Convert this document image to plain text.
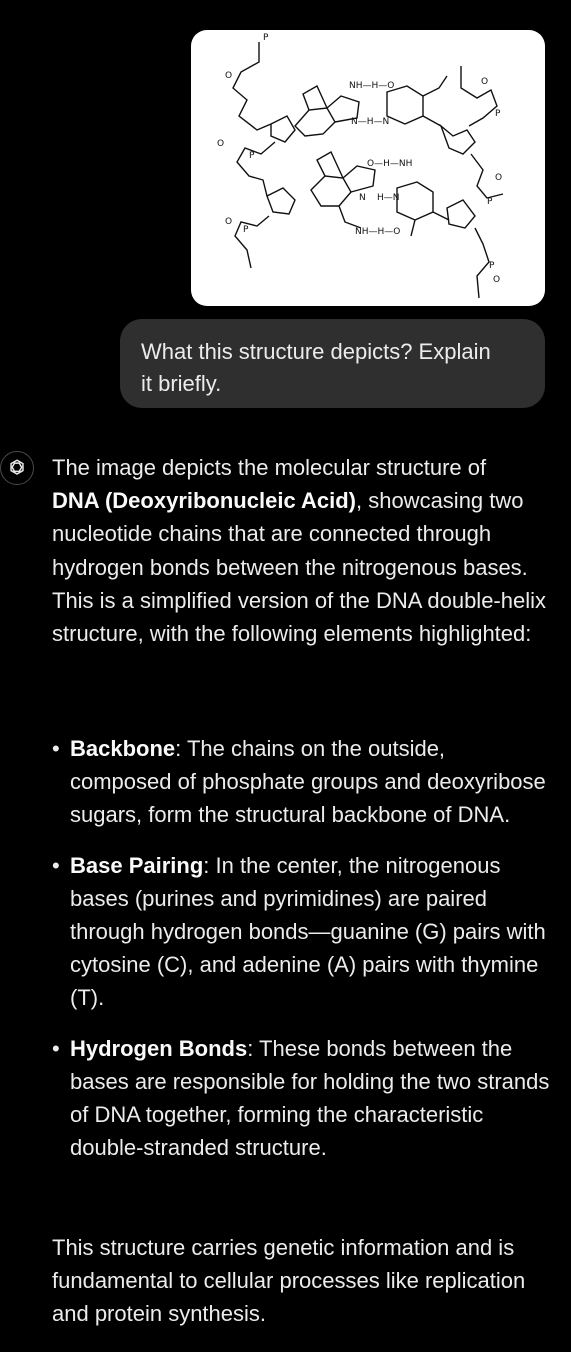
NH—H—O
N—H—N
O—H—NH
N H—N
NH—H—O
O
P
O
P
O
P
O
P
O
P
P
O
What this structure depicts? Explain
it briefly.

The image depicts the molecular structure of
DNA (Deoxyribonucleic Acid), showcasing two nucleotide chains that are connected through hydrogen bonds between the nitrogenous bases. This is a simplified version of the DNA double-helix structure, with the following elements highlighted:

• Backbone: The chains on the outside, composed of phosphate groups and deoxyribose sugars, form the structural backbone of DNA.
• Base Pairing: In the center, the nitrogenous bases (purines and pyrimidines) are paired through hydrogen bonds—guanine (G) pairs with cytosine (C), and adenine (A) pairs with thymine (T).
• Hydrogen Bonds: These bonds between the bases are responsible for holding the two strands of DNA together, forming the characteristic double-stranded structure.
This structure carries genetic information and is fundamental to cellular processes like replication and protein synthesis.
